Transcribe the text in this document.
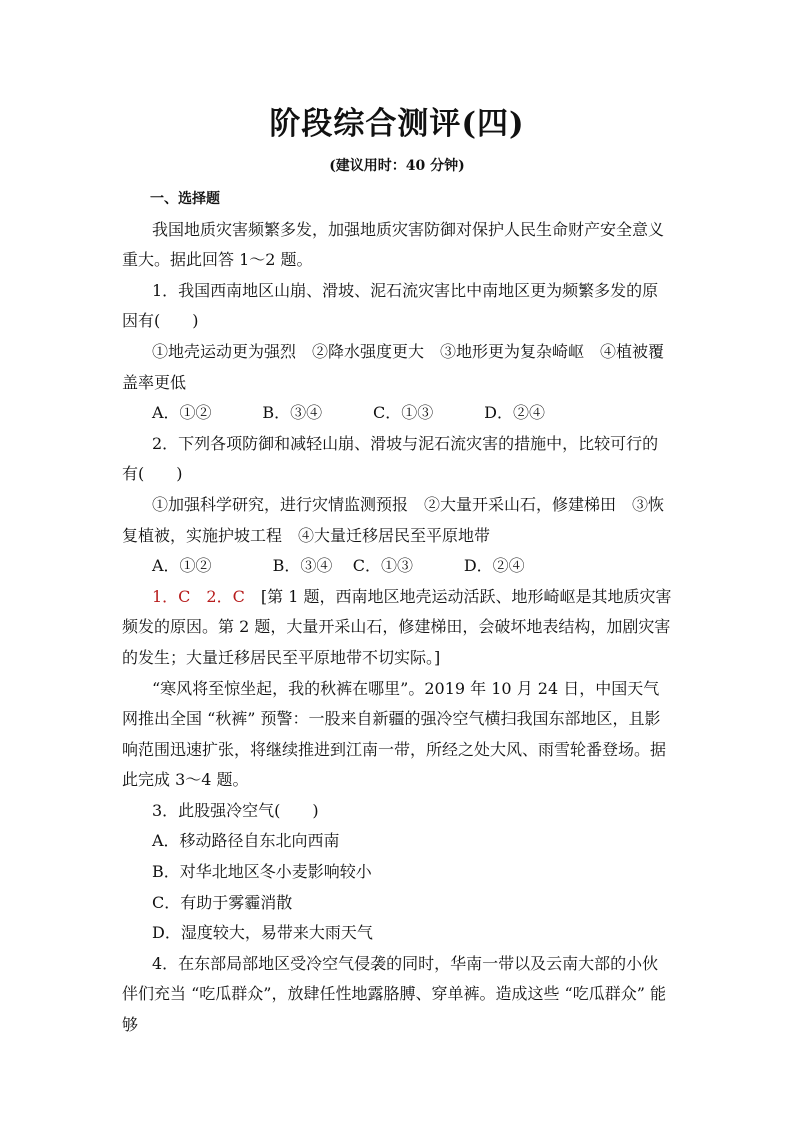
阶段综合测评(四)
(建议用时：40 分钟)

一、选择题

我国地质灾害频繁多发，加强地质灾害防御对保护人民生命财产安全意义重大。据此回答 1～2 题。

1．我国西南地区山崩、滑坡、泥石流灾害比中南地区更为频繁多发的原因有(　　)

①地壳运动更为强烈　②降水强度更大　③地形更为复杂崎岖　④植被覆盖率更低

A．①②	B．③④	C．①③	D．②④

2．下列各项防御和减轻山崩、滑坡与泥石流灾害的措施中，比较可行的有(　　)

①加强科学研究，进行灾情监测预报　②大量开采山石，修建梯田　③恢复植被，实施护坡工程　④大量迁移居民至平原地带

A．①②	B．③④ C．①③	D．②④

1．C　2．C　 [第 1 题，西南地区地壳运动活跃、地形崎岖是其地质灾害频发的原因。第 2 题，大量开采山石，修建梯田，会破坏地表结构，加剧灾害的发生；大量迁移居民至平原地带不切实际。]

“寒风将至惊坐起，我的秋裤在哪里”。2019 年 10 月 24 日，中国天气网推出全国 “秋裤” 预警：一股来自新疆的强冷空气横扫我国东部地区，且影响范围迅速扩张，将继续推进到江南一带，所经之处大风、雨雪轮番登场。据此完成 3～4 题。

3．此股强冷空气(　　)

A．移动路径自东北向西南

B．对华北地区冬小麦影响较小

C．有助于雾霾消散

D．湿度较大，易带来大雨天气

4．在东部局部地区受冷空气侵袭的同时，华南一带以及云南大部的小伙伴们充当 “吃瓜群众”，放肆任性地露胳膊、穿单裤。造成这些 “吃瓜群众” 能够
